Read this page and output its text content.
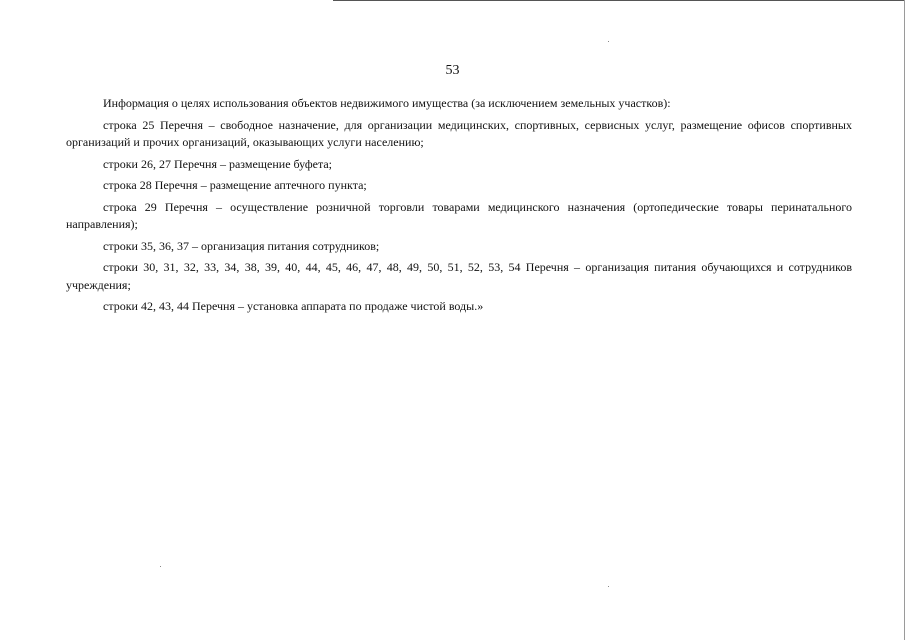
53

Информация о целях использования объектов недвижимого имущества (за исключением земельных участков):

строка 25 Перечня – свободное назначение, для организации медицинских, спортивных, сервисных услуг, размещение офисов спортивных организаций и прочих организаций, оказывающих услуги населению;

строки 26, 27 Перечня – размещение буфета;

строка 28 Перечня – размещение аптечного пункта;

строка 29 Перечня – осуществление розничной торговли товарами медицинского назначения (ортопедические товары перинатального направления);

строки 35, 36, 37 – организация питания сотрудников;

строки 30, 31, 32, 33, 34, 38, 39, 40, 44, 45, 46, 47, 48, 49, 50, 51, 52, 53, 54 Перечня – организация питания обучающихся и сотрудников учреждения;

строки 42, 43, 44 Перечня – установка аппарата по продаже чистой воды.»
